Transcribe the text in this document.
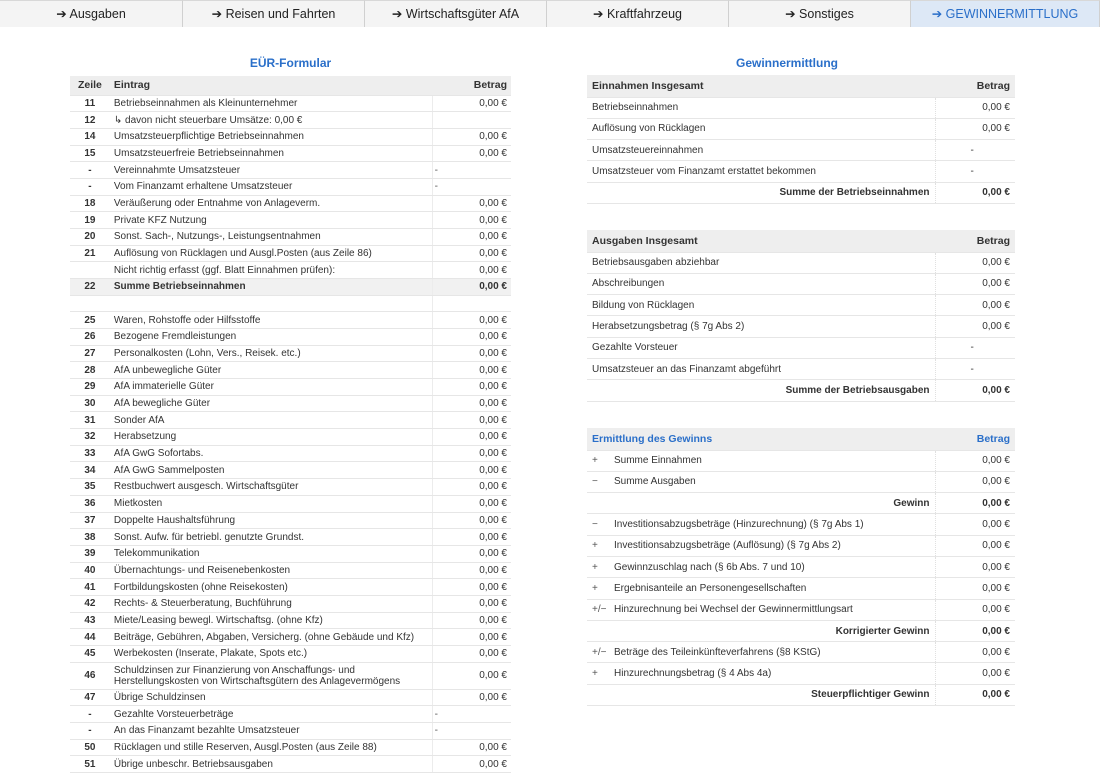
➔ Ausgaben	➔ Reisen und Fahrten	➔ Wirtschaftsgüter AfA	➔ Kraftfahrzeug	➔ Sonstiges	➔ GEWINNERMITTLUNG
EÜR-Formular	Gewinnermittlung
Zeile	Eintrag		Betrag
11	Betriebseinnahmen als Kleinunternehmer		0,00 €
12	↳ davon nicht steuerbare Umsätze: 0,00 €		
14	Umsatzsteuerpflichtige Betriebseinnahmen		0,00 €
15	Umsatzsteuerfreie Betriebseinnahmen		0,00 €
-	Vereinnahmte Umsatzsteuer	-	
-	Vom Finanzamt erhaltene Umsatzsteuer	-	
18	Veräußerung oder Entnahme von Anlageverm.		0,00 €
19	Private KFZ Nutzung		0,00 €
20	Sonst. Sach-, Nutzungs-, Leistungsentnahmen		0,00 €
21	Auflösung von Rücklagen und Ausgl.Posten (aus Zeile 86)		0,00 €
	Nicht richtig erfasst (ggf. Blatt Einnahmen prüfen):		0,00 €
22	Summe Betriebseinnahmen		0,00 €

25	Waren, Rohstoffe oder Hilfsstoffe		0,00 €
26	Bezogene Fremdleistungen		0,00 €
27	Personalkosten (Lohn, Vers., Reisek. etc.)		0,00 €
28	AfA unbewegliche Güter		0,00 €
29	AfA immaterielle Güter		0,00 €
30	AfA bewegliche Güter		0,00 €
31	Sonder AfA		0,00 €
32	Herabsetzung		0,00 €
33	AfA GwG Sofortabs.		0,00 €
34	AfA GwG Sammelposten		0,00 €
35	Restbuchwert ausgesch. Wirtschaftsgüter		0,00 €
36	Mietkosten		0,00 €
37	Doppelte Haushaltsführung		0,00 €
38	Sonst. Aufw. für betriebl. genutzte Grundst.		0,00 €
39	Telekommunikation		0,00 €
40	Übernachtungs- und Reisenebenkosten		0,00 €
41	Fortbildungskosten (ohne Reisekosten)		0,00 €
42	Rechts- & Steuerberatung, Buchführung		0,00 €
43	Miete/Leasing bewegl. Wirtschaftsg. (ohne Kfz)		0,00 €
44	Beiträge, Gebühren, Abgaben, Versicherg. (ohne Gebäude und Kfz)		0,00 €
45	Werbekosten (Inserate, Plakate, Spots etc.)		0,00 €
46	Schuldzinsen zur Finanzierung von Anschaffungs- und Herstellungskosten von Wirtschaftsgütern des Anlagevermögens		0,00 €
47	Übrige Schuldzinsen		0,00 €
-	Gezahlte Vorsteuerbeträge	-	
-	An das Finanzamt bezahlte Umsatzsteuer	-	
50	Rücklagen und stille Reserven, Ausgl.Posten (aus Zeile 88)		0,00 €
51	Übrige unbeschr. Betriebsausgaben		0,00 €
Einnahmen Insgesamt	Betrag
Betriebseinnahmen	0,00 €
Auflösung von Rücklagen	0,00 €
Umsatzsteuereinnahmen	-
Umsatzsteuer vom Finanzamt erstattet bekommen	-
Summe der Betriebseinnahmen	0,00 €
Ausgaben Insgesamt	Betrag
Betriebsausgaben abziehbar	0,00 €
Abschreibungen	0,00 €
Bildung von Rücklagen	0,00 €
Herabsetzungsbetrag (§ 7g Abs 2)	0,00 €
Gezahlte Vorsteuer	-
Umsatzsteuer an das Finanzamt abgeführt	-
Summe der Betriebsausgaben	0,00 €
Ermittlung des Gewinns	Betrag
+ Summe Einnahmen	0,00 €
− Summe Ausgaben	0,00 €
Gewinn	0,00 €
− Investitionsabzugsbeträge (Hinzurechnung) (§ 7g Abs 1)	0,00 €
+ Investitionsabzugsbeträge (Auflösung) (§ 7g Abs 2)	0,00 €
+ Gewinnzuschlag nach (§ 6b Abs. 7 und 10)	0,00 €
+ Ergebnisanteile an Personengesellschaften	0,00 €
+/− Hinzurechnung bei Wechsel der Gewinnermittlungsart	0,00 €
Korrigierter Gewinn	0,00 €
+/− Beträge des Teileinkünfteverfahrens (§8 KStG)	0,00 €
+ Hinzurechnungsbetrag (§ 4 Abs 4a)	0,00 €
Steuerpflichtiger Gewinn	0,00 €
